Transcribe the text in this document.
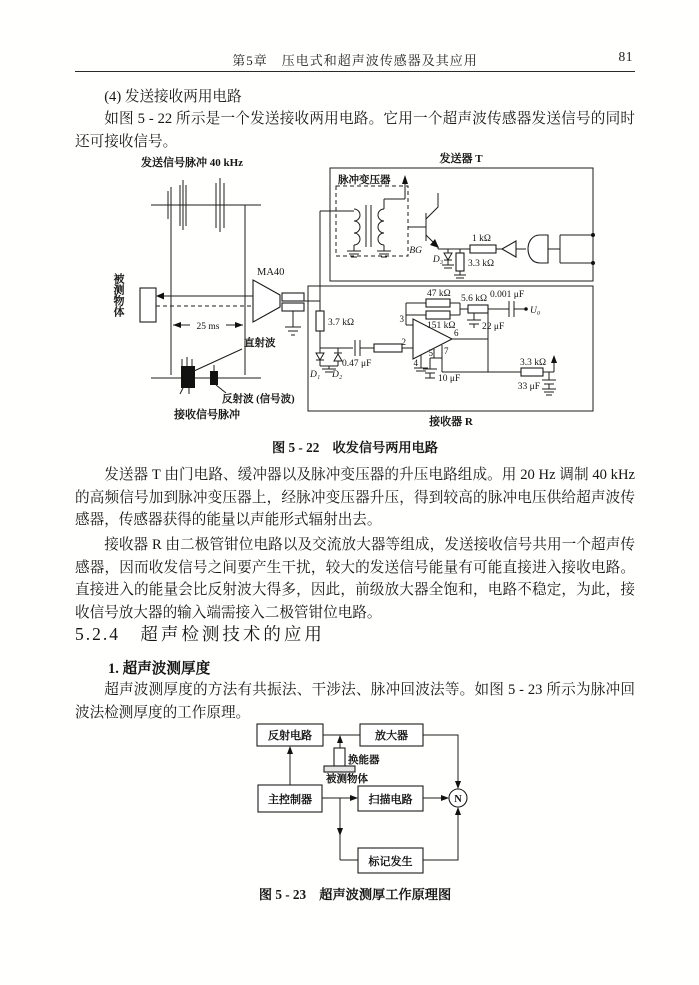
第5章　压电式和超声波传感器及其应用	81
(4) 发送接收两用电路
如图 5 - 22 所示是一个发送接收两用电路。它用一个超声波传感器发送信号的同时还可接收信号。
发送信号脉冲 40 kHz
被测物体
25 ms
MA40
直射波
反射波 (信号波)
接收信号脉冲
发送器 T
脉冲变压器
BG
D₃	3.3 kΩ
1 kΩ
接收器 R
3.7 kΩ
D₁ D₂
0.47 μF
3
2
6
47 kΩ
151 kΩ
5.6 kΩ
22 μF
0.001 μF
U₀
4
5 7
10 μF
3.3 kΩ
33 μF
图 5 - 22　收发信号两用电路
发送器 T 由门电路、缓冲器以及脉冲变压器的升压电路组成。用 20 Hz 调制 40 kHz 的高频信号加到脉冲变压器上，经脉冲变压器升压，得到较高的脉冲电压供给超声波传感器，传感器获得的能量以声能形式辐射出去。
接收器 R 由二极管钳位电路以及交流放大器等组成，发送接收信号共用一个超声传感器，因而收发信号之间要产生干扰，较大的发送信号能量有可能直接进入接收电路。直接进入的能量会比反射波大得多，因此，前级放大器全饱和，电路不稳定，为此，接收信号放大器的输入端需接入二极管钳位电路。
5.2.4 超声检测技术的应用
1. 超声波测厚度
超声波测厚度的方法有共振法、干涉法、脉冲回波法等。如图 5 - 23 所示为脉冲回波法检测厚度的工作原理。
反射电路	放大器
换能器
被测物体
主控制器	扫描电路
标记发生
N
图 5 - 23　超声波测厚工作原理图
